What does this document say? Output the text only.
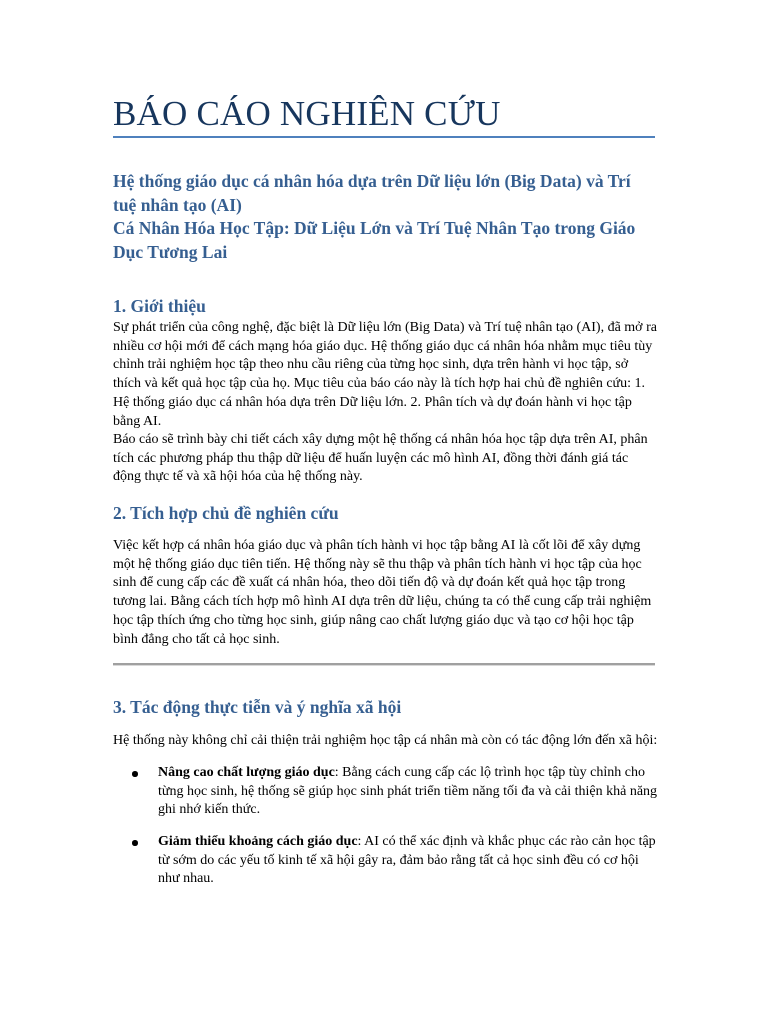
BÁO CÁO NGHIÊN CỨU

Hệ thống giáo dục cá nhân hóa dựa trên Dữ liệu lớn (Big Data) và Trí tuệ nhân tạo (AI)

Cá Nhân Hóa Học Tập: Dữ Liệu Lớn và Trí Tuệ Nhân Tạo trong Giáo Dục Tương Lai

1. Giới thiệu

Sự phát triển của công nghệ, đặc biệt là Dữ liệu lớn (Big Data) và Trí tuệ nhân tạo (AI), đã mở ra nhiều cơ hội mới để cách mạng hóa giáo dục. Hệ thống giáo dục cá nhân hóa nhằm mục tiêu tùy chỉnh trải nghiệm học tập theo nhu cầu riêng của từng học sinh, dựa trên hành vi học tập, sở thích và kết quả học tập của họ. Mục tiêu của báo cáo này là tích hợp hai chủ đề nghiên cứu: 1. Hệ thống giáo dục cá nhân hóa dựa trên Dữ liệu lớn. 2. Phân tích và dự đoán hành vi học tập bằng AI.

Báo cáo sẽ trình bày chi tiết cách xây dựng một hệ thống cá nhân hóa học tập dựa trên AI, phân tích các phương pháp thu thập dữ liệu để huấn luyện các mô hình AI, đồng thời đánh giá tác động thực tế và xã hội hóa của hệ thống này.

2. Tích hợp chủ đề nghiên cứu

Việc kết hợp cá nhân hóa giáo dục và phân tích hành vi học tập bằng AI là cốt lõi để xây dựng một hệ thống giáo dục tiên tiến. Hệ thống này sẽ thu thập và phân tích hành vi học tập của học sinh để cung cấp các đề xuất cá nhân hóa, theo dõi tiến độ và dự đoán kết quả học tập trong tương lai. Bằng cách tích hợp mô hình AI dựa trên dữ liệu, chúng ta có thể cung cấp trải nghiệm học tập thích ứng cho từng học sinh, giúp nâng cao chất lượng giáo dục và tạo cơ hội học tập bình đẳng cho tất cả học sinh.

3. Tác động thực tiễn và ý nghĩa xã hội

Hệ thống này không chỉ cải thiện trải nghiệm học tập cá nhân mà còn có tác động lớn đến xã hội:

Nâng cao chất lượng giáo dục: Bằng cách cung cấp các lộ trình học tập tùy chỉnh cho từng học sinh, hệ thống sẽ giúp học sinh phát triển tiềm năng tối đa và cải thiện khả năng ghi nhớ kiến thức.

Giảm thiểu khoảng cách giáo dục: AI có thể xác định và khắc phục các rào cản học tập từ sớm do các yếu tố kinh tế xã hội gây ra, đảm bảo rằng tất cả học sinh đều có cơ hội như nhau.
